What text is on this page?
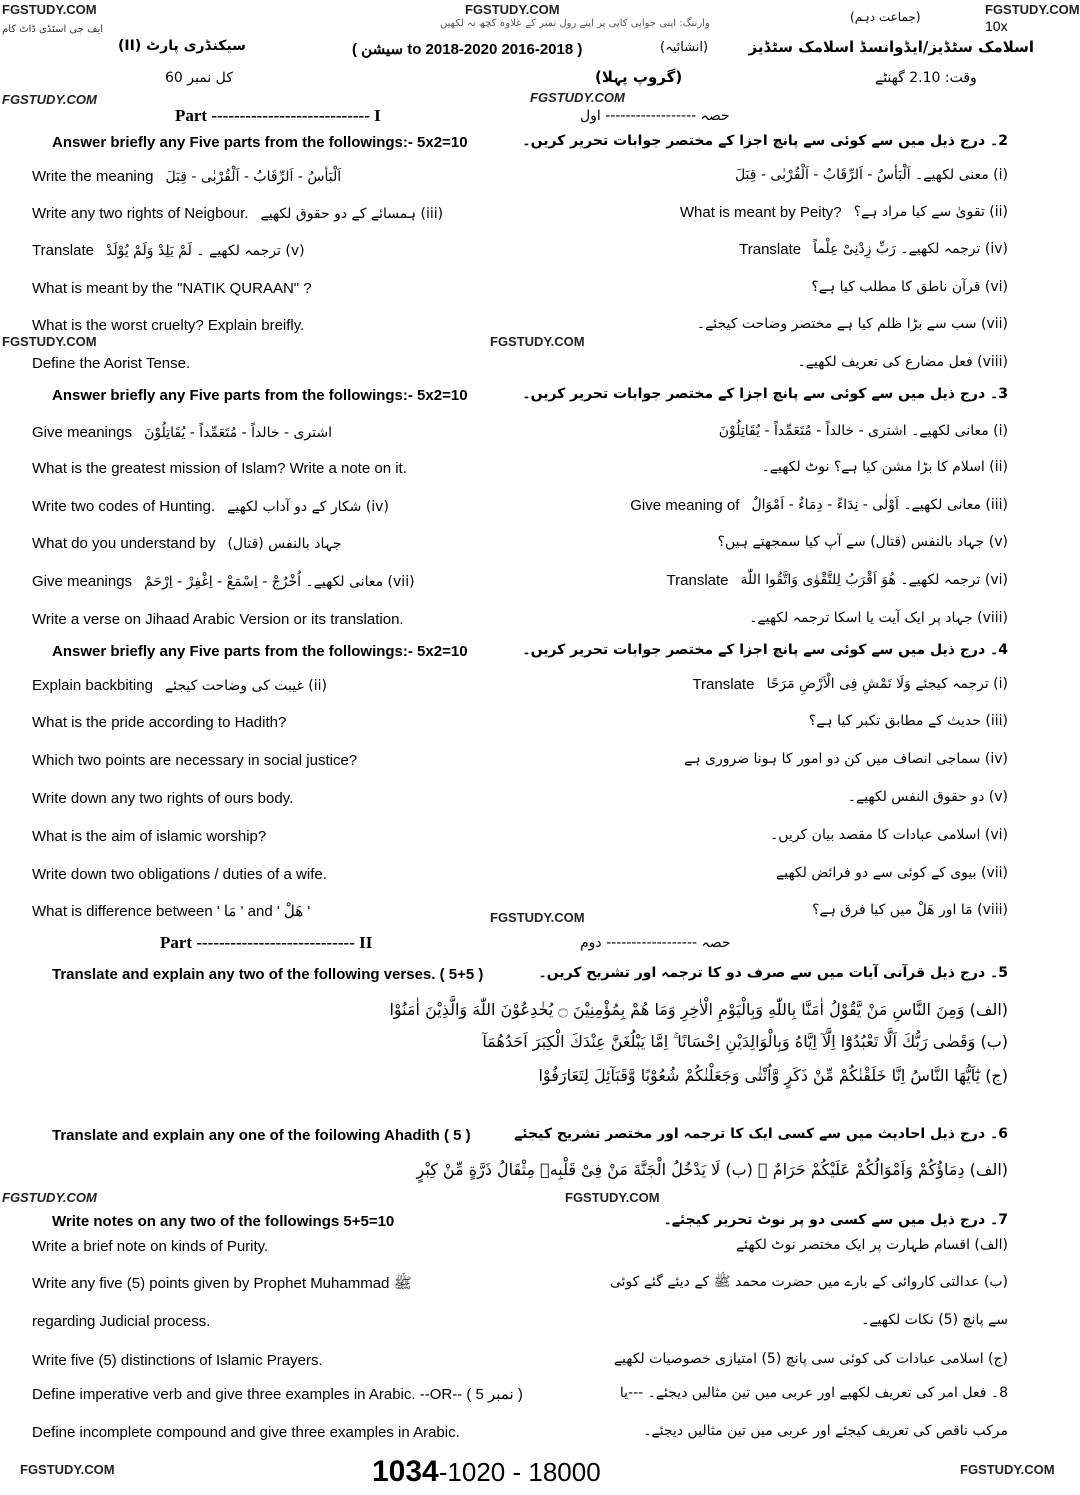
FGSTUDY.COM	FGSTUDY.COM	FGSTUDY.COM
ایف جی اسٹڈی ڈاٹ کام
وارننگ: اپنی جوابی کاپی پر اپنے رول نمبر کے علاوہ کچھ نہ لکھیں	(جماعت دہم)
10x
سیکنڈری پارٹ (II)	( 2016-2018 to 2018-2020 سیشن )	(انشائیہ)	اسلامک سٹڈیز/ایڈوانسڈ اسلامک سٹڈیز
کل نمبر 60	(گروپ پہلا)	وقت: 2.10 گھنٹے
FGSTUDY.COM	FGSTUDY.COM
Part ---------------------------- I	حصہ ------------------ اول
Part ---------------------------- II	حصہ ------------------ دوم
FGSTUDY.COM	FGSTUDY.COM
FGSTUDY.COM
FGSTUDY.COM
FGSTUDY.COM
Answer briefly any Five parts from the followings:- 5x2=10	2۔ درج ذیل میں سے کوئی سے پانچ اجزا کے مختصر جوابات تحریر کریں۔
Write the meaning اَلْبَأسُ - اَلرِّقَابُ - اَلْقُرْبٰی - قِبَلَ	(i) معنی لکھیے۔ اَلْبَأسُ - اَلرِّقَابُ - اَلْقُرْبٰی - قِبَلَ
Write any two rights of Neigbour. (iii) ہمسائے کے دو حقوق لکھیے	What is meant by Peity? (ii) تقویٰ سے کیا مراد ہے؟
Translate (v) ترجمہ لکھیے ۔ لَمْ يَلِدْ وَلَمْ يُوْلَدْ	Translate (iv) ترجمہ لکھیے۔ رَبِّ زِدْنِیْ عِلْماً
What is meant by the "NATIK QURAAN" ?	(vi) قرآن ناطق کا مطلب کیا ہے؟
What is the worst cruelty? Explain breifly.	(vii) سب سے بڑا ظلم کیا ہے مختصر وضاحت کیجئے۔
Define the Aorist Tense.	(viii) فعل مضارع کی تعریف لکھیے۔
Answer briefly any Five parts from the followings:- 5x2=10	3۔ درج ذیل میں سے کوئی سے پانچ اجزا کے مختصر جوابات تحریر کریں۔
Give meanings اشتری - خالداً - مُتَعَمِّداً - يُقَاتِلُوْنَ	(i) معانی لکھیے۔ اشتری - خالداً - مُتَعَمِّداً - يُقَاتِلُوْنَ
What is the greatest mission of Islam? Write a note on it.	(ii) اسلام کا بڑا مشن کیا ہے؟ نوٹ لکھیے۔
Write two codes of Hunting. (iv) شکار کے دو آداب لکھیے	Give meaning of (iii) معانی لکھیے۔ اَوْلٰی - نِدَاءً - دِمَاءٌ - اَمْوَالٌ
What do you understand by جہاد بالنفس (قتال)	(v) جہاد بالنفس (قتال) سے آپ کیا سمجھتے ہیں؟
Give meanings (vii) معانی لکھیے۔ اُخْرُجْ - اِسْمَعْ - اِغْفِرْ - اِرْحَمْ	Translate (vi) ترجمہ لکھیے۔ هُوَ اَقْرَبُ لِلتَّقْوٰی وَاتَّقُوا اللّٰهَ
Write a verse on Jihaad Arabic Version or its translation.	(viii) جہاد پر ایک آیت یا اسکا ترجمہ لکھیے۔
Answer briefly any Five parts from the followings:- 5x2=10	4۔ درج ذیل میں سے کوئی سے پانچ اجزا کے مختصر جوابات تحریر کریں۔
Explain backbiting (ii) غیبت کی وضاحت کیجئے	Translate (i) ترجمہ کیجئے وَلَا تَمْشِ فِی الْاَرْضِ مَرَحًا
What is the pride according to Hadith?	(iii) حدیث کے مطابق تکبر کیا ہے؟
Which two points are necessary in social justice?	(iv) سماجی انصاف میں کن دو امور کا ہونا ضروری ہے
Write down any two rights of ours body.	(v) دو حقوق النفس لکھیے۔
What is the aim of islamic worship?	(vi) اسلامی عبادات کا مقصد بیان کریں۔
Write down two obligations / duties of a wife.	(vii) بیوی کے کوئی سے دو فرائض لکھیے
What is difference between ' مَا ' and ' هَلْ '	(viii) مَا اور هَلْ میں کیا فرق ہے؟
Translate and explain any two of the following verses. ( 5+5 )	5۔ درج ذیل قرآنی آیات میں سے صرف دو کا ترجمہ اور تشریح کریں۔
(الف) وَمِنَ النَّاسِ مَنْ يَّقُوْلُ اٰمَنَّا بِاللّٰهِ وَبِالْيَوْمِ الْاٰخِرِ وَمَا هُمْ بِمُؤْمِنِيْنَ ۝ يُخٰدِعُوْنَ اللّٰهَ وَالَّذِيْنَ اٰمَنُوْا
(ب) وَقَضٰى رَبُّكَ اَلَّا تَعْبُدُوْٓا اِلَّآ اِيَّاهُ وَبِالْوَالِدَيْنِ اِحْسَانًا ۚ اِمَّا يَبْلُغَنَّ عِنْدَكَ الْكِبَرَ اَحَدُهُمَآ
(ج) يٰٓاَيُّهَا النَّاسُ اِنَّا خَلَقْنٰكُمْ مِّنْ ذَكَرٍ وَّاُنْثٰى وَجَعَلْنٰكُمْ شُعُوْبًا وَّقَبَآئِلَ لِتَعَارَفُوْا
Translate and explain any one of the foilowing Ahadith ( 5 )	6۔ درج ذیل احادیث میں سے کسی ایک کا ترجمہ اور مختصر تشریح کیجئے
(الف) دِمَاؤُكُمْ وَاَمْوَالُكُمْ عَلَيْكُمْ حَرَامٌ ۔ (ب) لَا يَدْخُلُ الْجَنَّةَ مَنْ فِیْ قَلْبِهٖ مِثْقَالُ ذَرَّةٍ مِّنْ كِبْرٍ
Write notes on any two of the followings 5+5=10	7۔ درج ذیل میں سے کسی دو پر نوٹ تحریر کیجئے۔
Write a brief note on kinds of Purity.	(الف) اقسام طہارت پر ایک مختصر نوٹ لکھئے
Write any five (5) points given by Prophet Muhammad ﷺ	(ب) عدالتی کاروائی کے بارے میں حضرت محمد ﷺ کے دیئے گئے کوئی
regarding Judicial process.	سے پانچ (5) نکات لکھیے۔
Write five (5) distinctions of Islamic Prayers.	(ج) اسلامی عبادات کی کوئی سی پانچ (5) امتیازی خصوصیات لکھیے
Define imperative verb and give three examples in Arabic. --OR-- ( 5 نمبر )	8۔ فعل امر کی تعریف لکھیے اور عربی میں تین مثالیں دیجئے۔ ---یا
Define incomplete compound and give three examples in Arabic.	مرکب ناقص کی تعریف کیجئے اور عربی میں تین مثالیں دیجئے۔
FGSTUDY.COM	1034-1020 - 18000	FGSTUDY.COM
